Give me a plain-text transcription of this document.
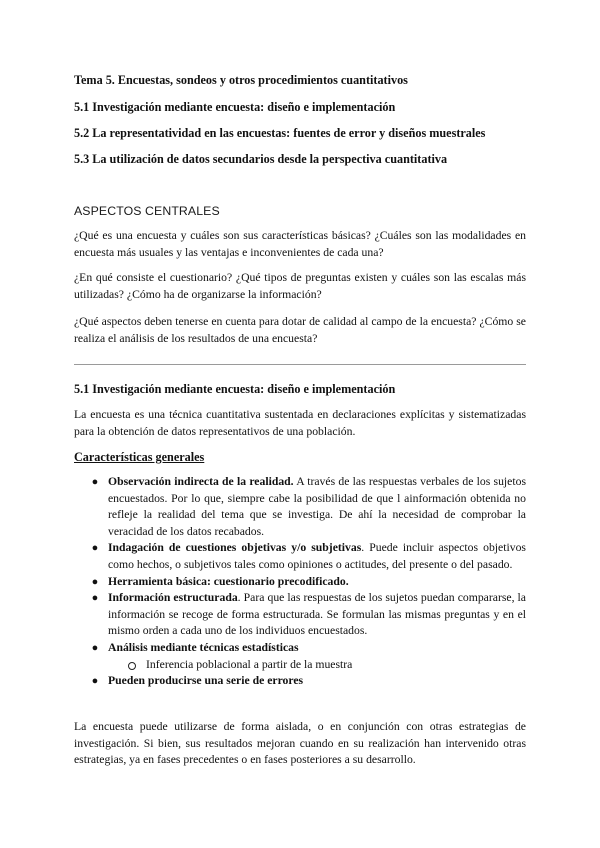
Tema 5. Encuestas, sondeos y otros procedimientos cuantitativos

5.1 Investigación mediante encuesta: diseño e implementación

5.2 La representatividad en las encuestas: fuentes de error y diseños muestrales

5.3 La utilización de datos secundarios desde la perspectiva cuantitativa

ASPECTOS CENTRALES

¿Qué es una encuesta y cuáles son sus características básicas? ¿Cuáles son las modalidades en encuesta más usuales y las ventajas e inconvenientes de cada una?

¿En qué consiste el cuestionario? ¿Qué tipos de preguntas existen y cuáles son las escalas más utilizadas? ¿Cómo ha de organizarse la información?

¿Qué aspectos deben tenerse en cuenta para dotar de calidad al campo de la encuesta? ¿Cómo se realiza el análisis de los resultados de una encuesta?

5.1 Investigación mediante encuesta: diseño e implementación

La encuesta es una técnica cuantitativa sustentada en declaraciones explícitas y sistematizadas para la obtención de datos representativos de una población.

Características generales

● Observación indirecta de la realidad. A través de las respuestas verbales de los sujetos encuestados. Por lo que, siempre cabe la posibilidad de que l ainformación obtenida no refleje la realidad del tema que se investiga. De ahí la necesidad de comprobar la veracidad de los datos recabados.
● Indagación de cuestiones objetivas y/o subjetivas. Puede incluir aspectos objetivos como hechos, o subjetivos tales como opiniones o actitudes, del presente o del pasado.
● Herramienta básica: cuestionario precodificado.
● Información estructurada. Para que las respuestas de los sujetos puedan compararse, la información se recoge de forma estructurada. Se formulan las mismas preguntas y en el mismo orden a cada uno de los individuos encuestados.
● Análisis mediante técnicas estadísticas
Inferencia poblacional a partir de la muestra
● Pueden producirse una serie de errores

La encuesta puede utilizarse de forma aislada, o en conjunción con otras estrategias de investigación. Si bien, sus resultados mejoran cuando en su realización han intervenido otras estrategias, ya en fases precedentes o en fases posteriores a su desarrollo.
